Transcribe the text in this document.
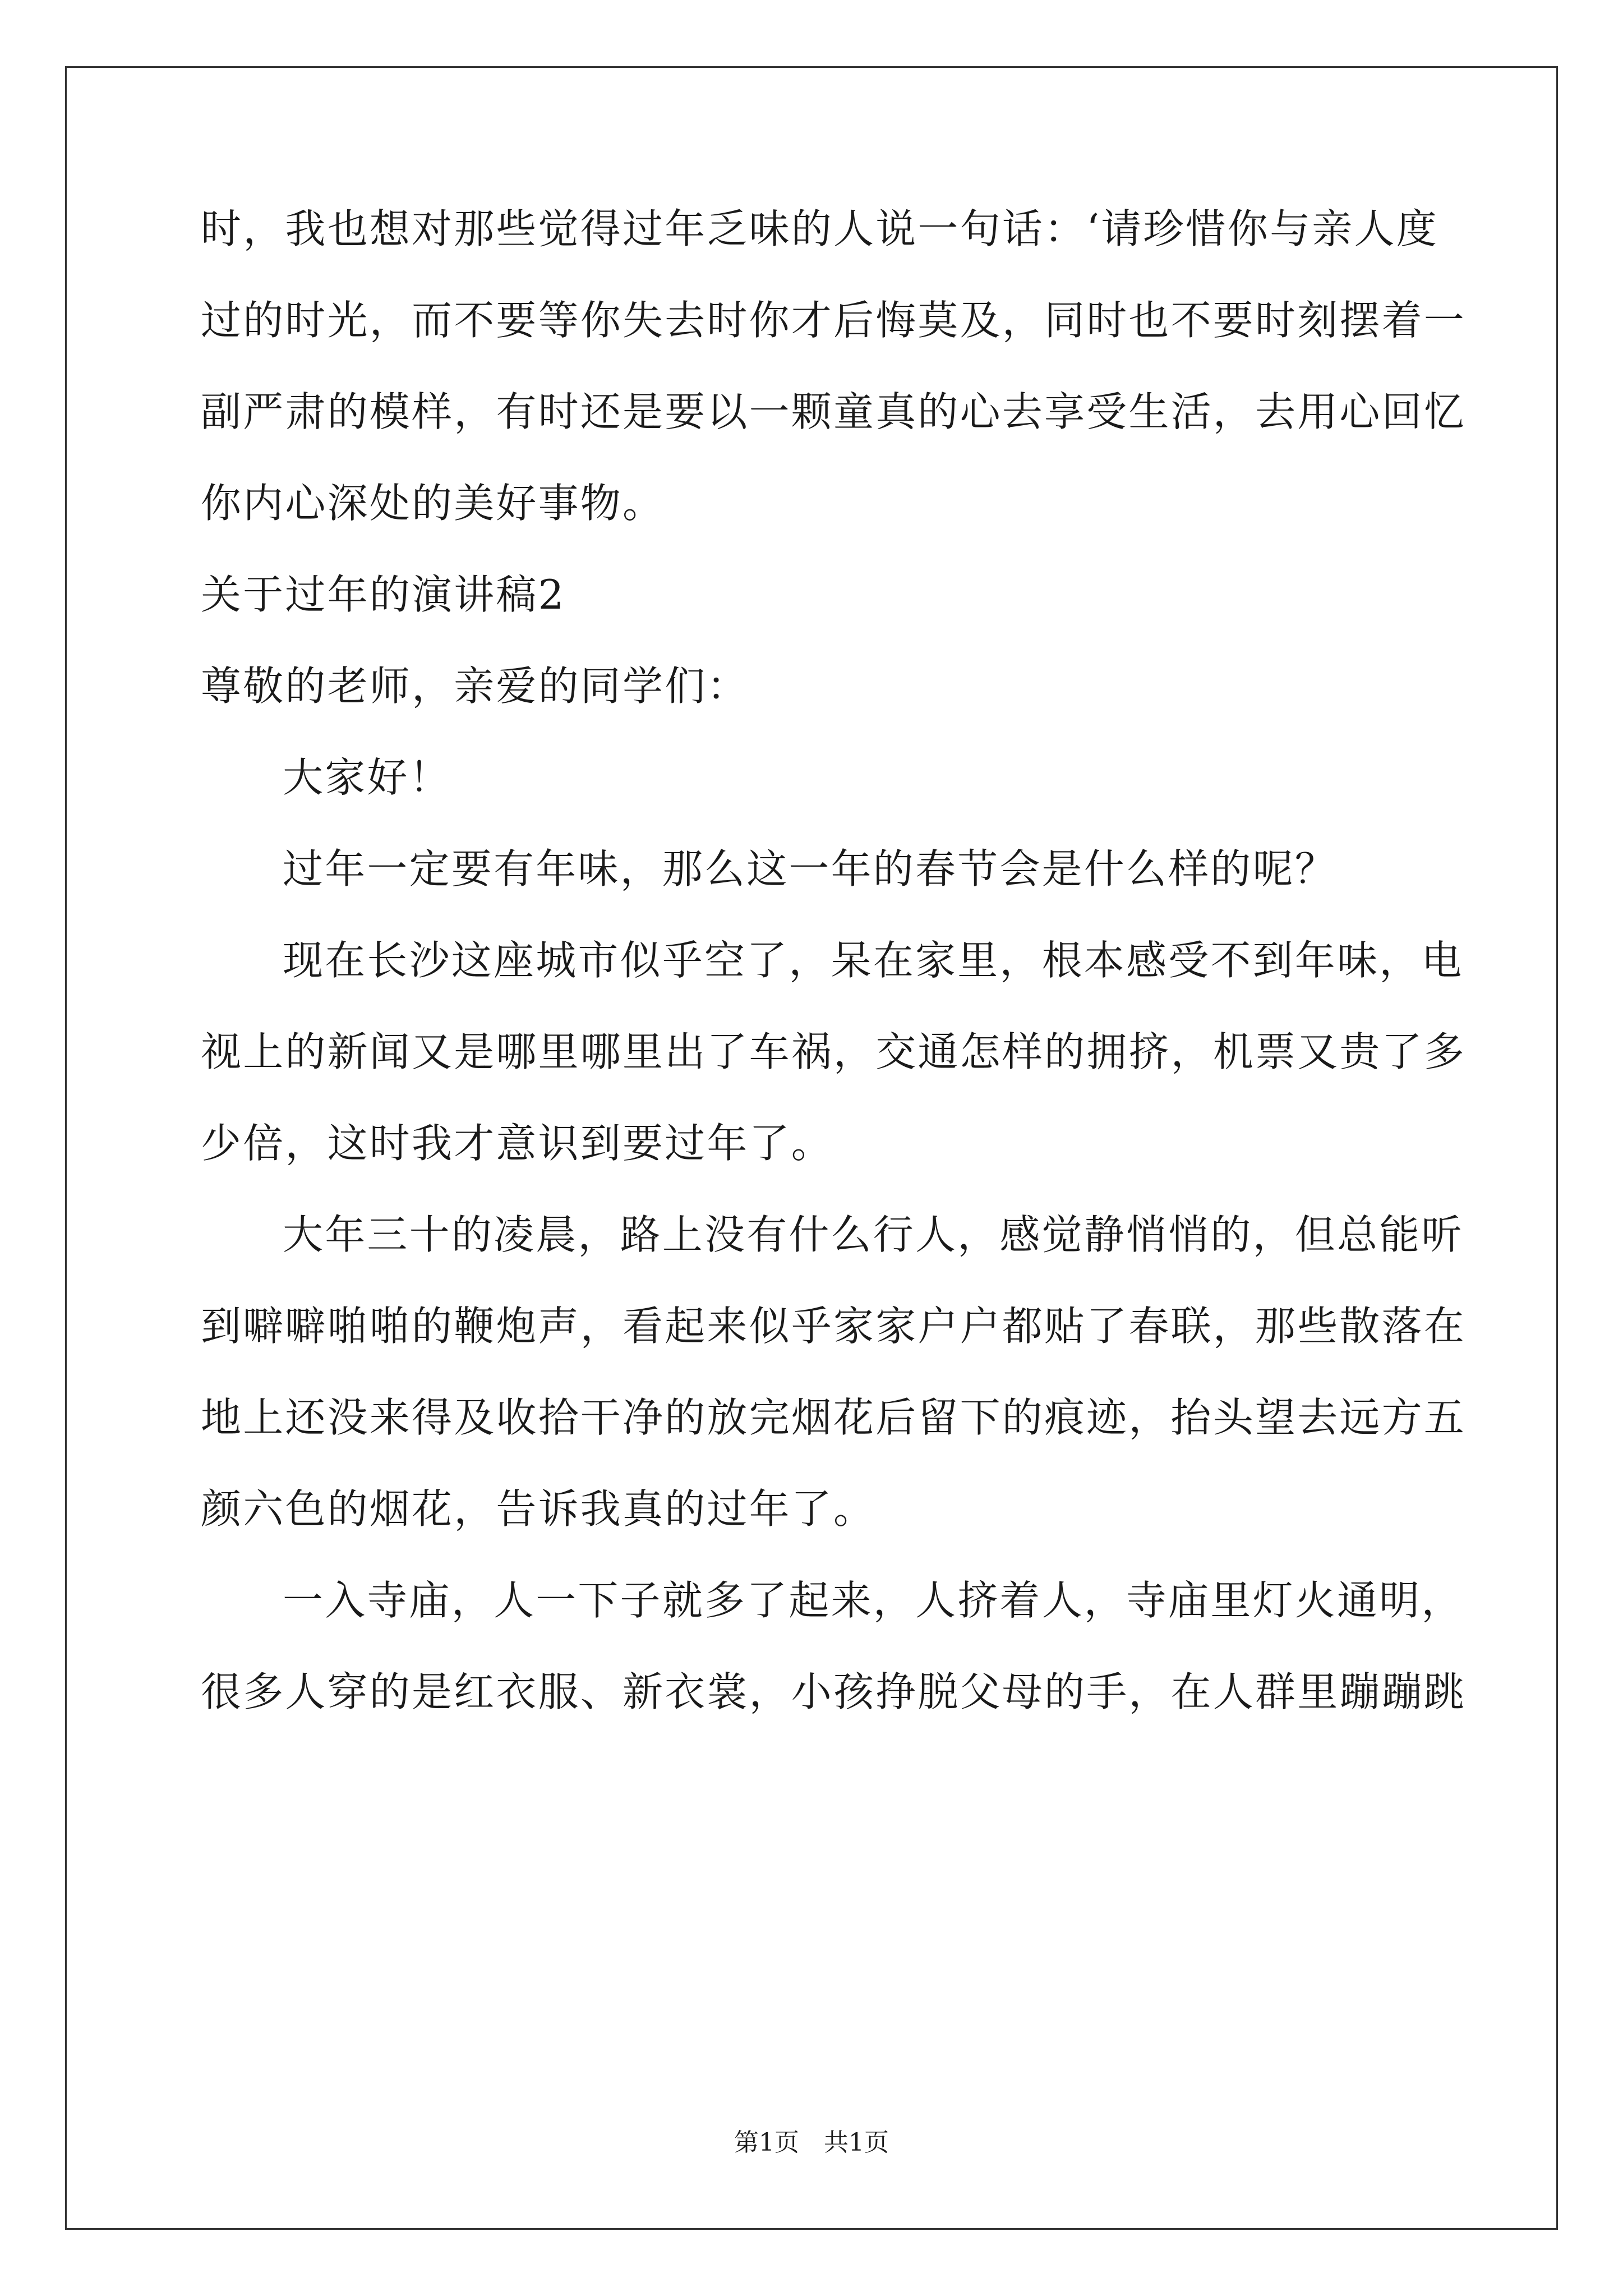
时，我也想对那些觉得过年乏味的人说一句话：‘请珍惜你与亲人度
过的时光，而不要等你失去时你才后悔莫及，同时也不要时刻摆着一
副严肃的模样，有时还是要以一颗童真的心去享受生活，去用心回忆
你内心深处的美好事物。
关于过年的演讲稿2
尊敬的老师，亲爱的同学们：
大家好！
过年一定要有年味，那么这一年的春节会是什么样的呢？
现在长沙这座城市似乎空了，呆在家里，根本感受不到年味，电
视上的新闻又是哪里哪里出了车祸，交通怎样的拥挤，机票又贵了多
少倍，这时我才意识到要过年了。
大年三十的凌晨，路上没有什么行人，感觉静悄悄的，但总能听
到噼噼啪啪的鞭炮声，看起来似乎家家户户都贴了春联，那些散落在
地上还没来得及收拾干净的放完烟花后留下的痕迹，抬头望去远方五
颜六色的烟花，告诉我真的过年了。
一入寺庙，人一下子就多了起来，人挤着人，寺庙里灯火通明，
很多人穿的是红衣服、新衣裳，小孩挣脱父母的手，在人群里蹦蹦跳
第1页　共1页
